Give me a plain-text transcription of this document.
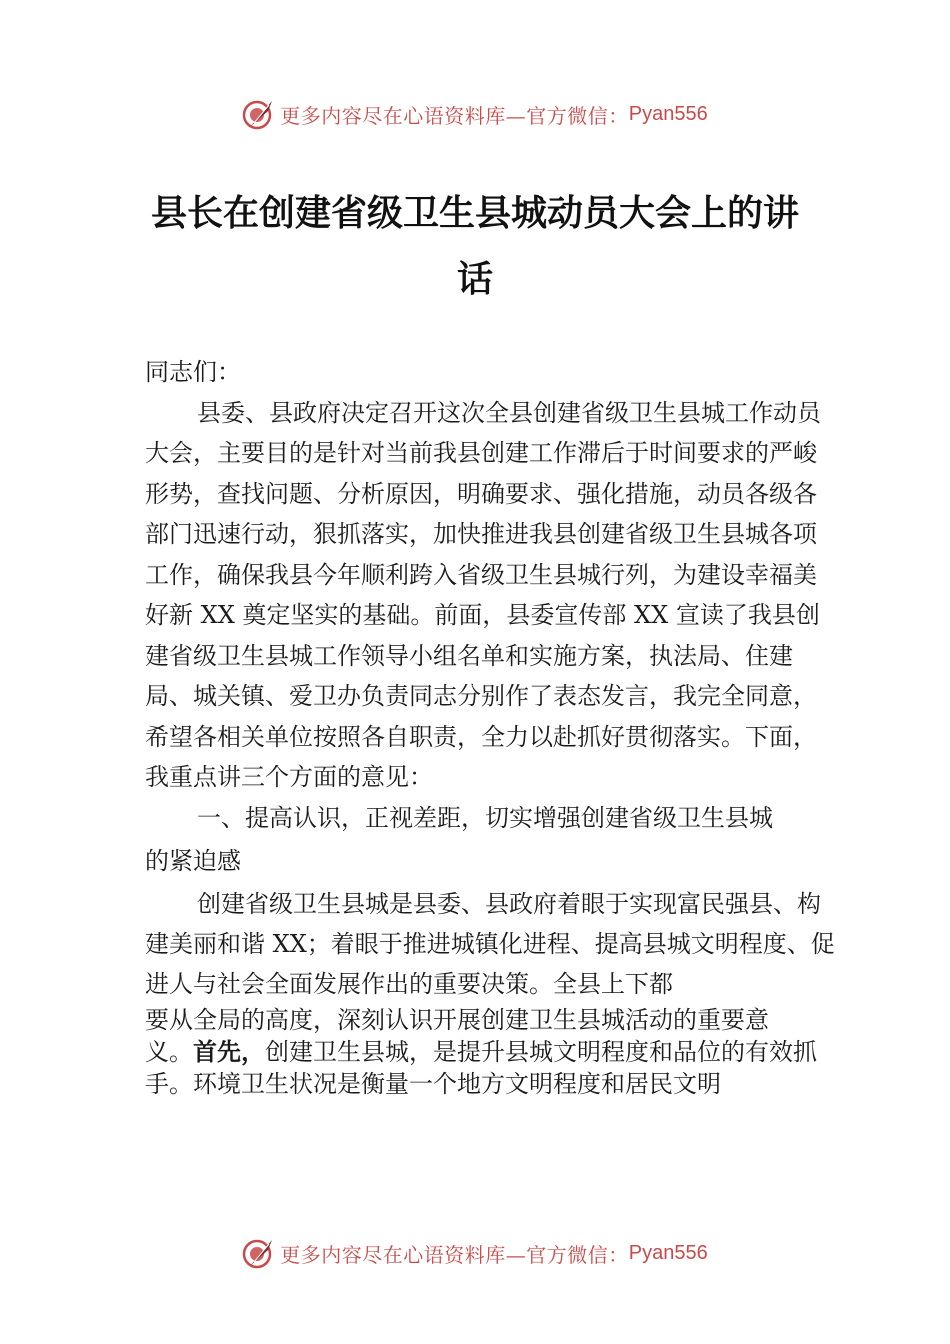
更多内容尽在心语资料库—官方微信： Pyan556
县长在创建省级卫生县城动员大会上的讲
话

同志们：

县委、县政府决定召开这次全县创建省级卫生县城工作动员大会，主要目的是针对当前我县创建工作滞后于时间要求的严峻形势，查找问题、分析原因，明确要求、强化措施，动员各级各部门迅速行动，狠抓落实，加快推进我县创建省级卫生县城各项工作，确保我县今年顺利跨入省级卫生县城行列，为建设幸福美好新 XX 奠定坚实的基础。前面，县委宣传部 XX 宣读了我县创建省级卫生县城工作领导小组名单和实施方案，执法局、住建局、城关镇、爱卫办负责同志分别作了表态发言，我完全同意，希望各相关单位按照各自职责，全力以赴抓好贯彻落实。下面，我重点讲三个方面的意见：

一、提高认识，正视差距，切实增强创建省级卫生县城

的紧迫感

创建省级卫生县城是县委、县政府着眼于实现富民强县、构建美丽和谐 XX；着眼于推进城镇化进程、提高县城文明程度、促进人与社会全面发展作出的重要决策。全县上下都

要从全局的高度，深刻认识开展创建卫生县城活动的重要意

义。首先，创建卫生县城，是提升县城文明程度和品位的有效抓手。环境卫生状况是衡量一个地方文明程度和居民文明

更多内容尽在心语资料库—官方微信： Pyan556
